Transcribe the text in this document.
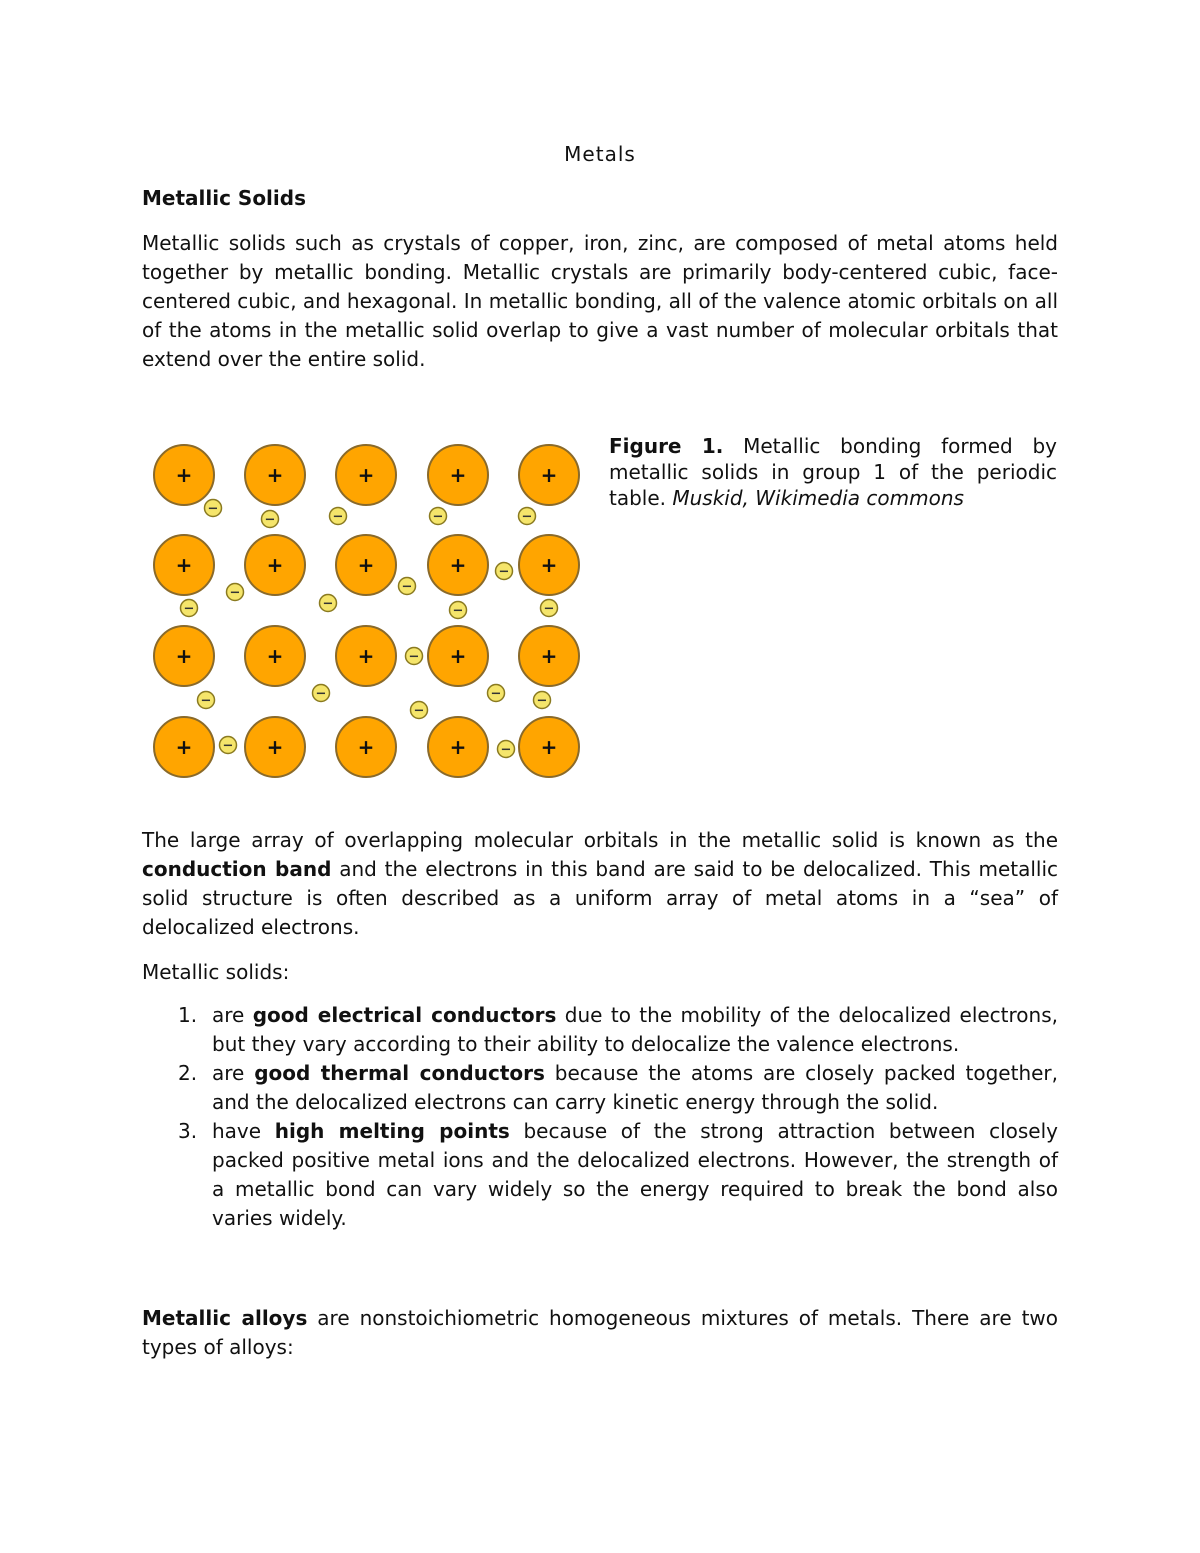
Metals
Metallic Solids

Metallic solids such as crystals of copper, iron, zinc, are composed of metal atoms held together by metallic bonding. Metallic crystals are primarily body-centered cubic, face-centered cubic, and hexagonal. In metallic bonding, all of the valence atomic orbitals on all of the atoms in the metallic solid overlap to give a vast number of molecular orbitals that extend over the entire solid.

+
+
+
+
+
+
+
+
+
+
+
+
+
+
+
+
+
+
+
+
−
−	−	−	−
−
−
−
−
−
−
−
−	−
−
−
−	−
−	−
Figure 1. Metallic bonding formed by metallic solids in group 1 of the periodic table. Muskid, Wikimedia commons

The large array of overlapping molecular orbitals in the metallic solid is known as the conduction band and the electrons in this band are said to be delocalized. This metallic solid structure is often described as a uniform array of metal atoms in a “sea” of delocalized electrons.

Metallic solids:

1. are good electrical conductors due to the mobility of the delocalized electrons, but they vary according to their ability to delocalize the valence electrons.
2. are good thermal conductors because the atoms are closely packed together, and the delocalized electrons can carry kinetic energy through the solid.
3. have high melting points because of the strong attraction between closely packed positive metal ions and the delocalized electrons. However, the strength of a metallic bond can vary widely so the energy required to break the bond also varies widely.

Metallic alloys are nonstoichiometric homogeneous mixtures of metals. There are two types of alloys:
